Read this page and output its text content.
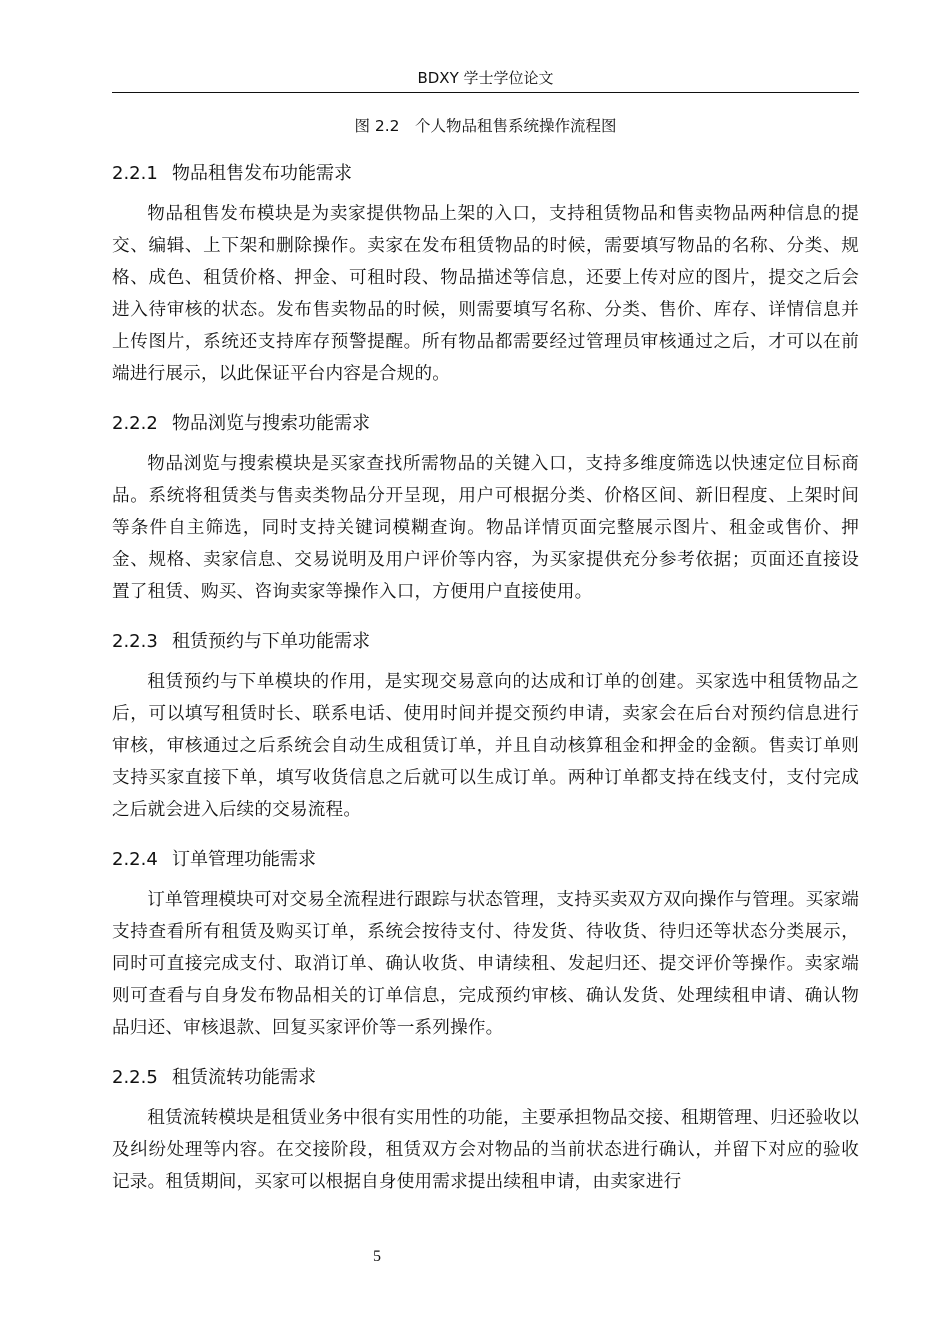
BDXY 学士学位论文
图 2.2　个人物品租售系统操作流程图
2.2.1 物品租售发布功能需求

物品租售发布模块是为卖家提供物品上架的入口，支持租赁物品和售卖物品两种信息的提交、编辑、上下架和删除操作。卖家在发布租赁物品的时候，需要填写物品的名称、分类、规格、成色、租赁价格、押金、可租时段、物品描述等信息，还要上传对应的图片，提交之后会进入待审核的状态。发布售卖物品的时候，则需要填写名称、分类、售价、库存、详情信息并上传图片，系统还支持库存预警提醒。所有物品都需要经过管理员审核通过之后，才可以在前端进行展示，以此保证平台内容是合规的。

2.2.2 物品浏览与搜索功能需求

物品浏览与搜索模块是买家查找所需物品的关键入口，支持多维度筛选以快速定位目标商品。系统将租赁类与售卖类物品分开呈现，用户可根据分类、价格区间、新旧程度、上架时间等条件自主筛选，同时支持关键词模糊查询。物品详情页面完整展示图片、租金或售价、押金、规格、卖家信息、交易说明及用户评价等内容，为买家提供充分参考依据；页面还直接设置了租赁、购买、咨询卖家等操作入口，方便用户直接使用。

2.2.3 租赁预约与下单功能需求

租赁预约与下单模块的作用，是实现交易意向的达成和订单的创建。买家选中租赁物品之后，可以填写租赁时长、联系电话、使用时间并提交预约申请，卖家会在后台对预约信息进行审核，审核通过之后系统会自动生成租赁订单，并且自动核算租金和押金的金额。售卖订单则支持买家直接下单，填写收货信息之后就可以生成订单。两种订单都支持在线支付，支付完成之后就会进入后续的交易流程。

2.2.4 订单管理功能需求

订单管理模块可对交易全流程进行跟踪与状态管理，支持买卖双方双向操作与管理。买家端支持查看所有租赁及购买订单，系统会按待支付、待发货、待收货、待归还等状态分类展示，同时可直接完成支付、取消订单、确认收货、申请续租、发起归还、提交评价等操作。卖家端则可查看与自身发布物品相关的订单信息，完成预约审核、确认发货、处理续租申请、确认物品归还、审核退款、回复买家评价等一系列操作。

2.2.5 租赁流转功能需求

租赁流转模块是租赁业务中很有实用性的功能，主要承担物品交接、租期管理、归还验收以及纠纷处理等内容。在交接阶段，租赁双方会对物品的当前状态进行确认，并留下对应的验收记录。租赁期间，买家可以根据自身使用需求提出续租申请，由卖家进行

5
